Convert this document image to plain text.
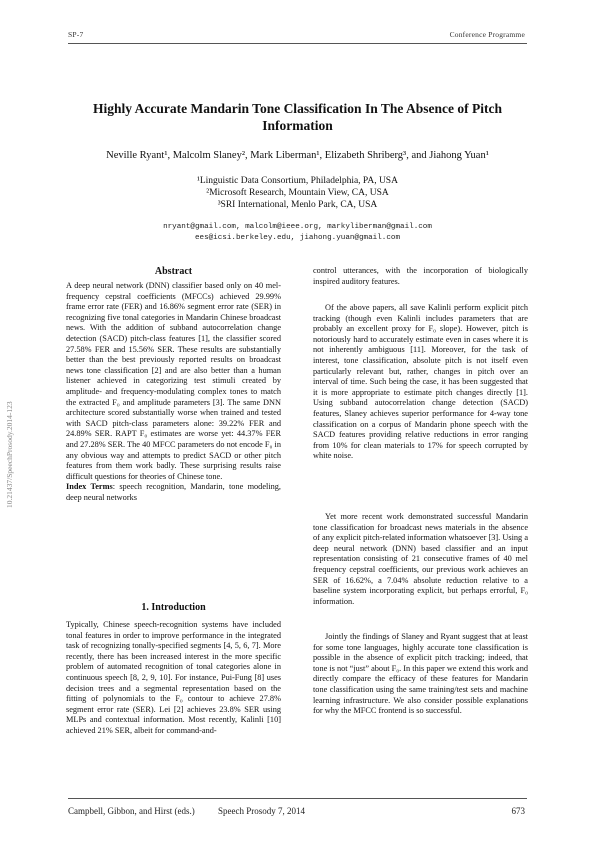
SP-7	Conference Programme
10.21437/SpeechProsody.2014-123
Highly Accurate Mandarin Tone Classification In The Absence of Pitch Information
Neville Ryant¹, Malcolm Slaney², Mark Liberman¹, Elizabeth Shriberg³, and Jiahong Yuan¹
¹Linguistic Data Consortium, Philadelphia, PA, USA
²Microsoft Research, Mountain View, CA, USA
³SRI International, Menlo Park, CA, USA
nryant@gmail.com, malcolm@ieee.org, markyliberman@gmail.com
ees@icsi.berkeley.edu, jiahong.yuan@gmail.com
Abstract

A deep neural network (DNN) classifier based only on 40 mel-frequency cepstral coefficients (MFCCs) achieved 29.99% frame error rate (FER) and 16.86% segment error rate (SER) in recognizing five tonal categories in Mandarin Chinese broadcast news. With the addition of subband autocorrelation change detection (SACD) pitch-class features [1], the classifier scored 27.58% FER and 15.56% SER. These results are substantially better than the best previously reported results on broadcast news tone classification [2] and are also better than a human listener achieved in categorizing test stimuli created by amplitude- and frequency-modulating complex tones to match the extracted F₀ and amplitude parameters [3]. The same DNN architecture scored substantially worse when trained and tested with SACD pitch-class parameters alone: 39.22% FER and 24.89% SER. RAPT F₀ estimates are worse yet: 44.37% FER and 27.28% SER. The 40 MFCC parameters do not encode F₀ in any obvious way and attempts to predict SACD or other pitch features from them work badly. These surprising results raise difficult questions for theories of Chinese tone.

Index Terms: speech recognition, Mandarin, tone modeling, deep neural networks

1. Introduction

Typically, Chinese speech-recognition systems have included tonal features in order to improve performance in the integrated task of recognizing tonally-specified segments [4, 5, 6, 7]. More recently, there has been increased interest in the more specific problem of automated recognition of tonal categories alone in continuous speech [8, 2, 9, 10]. For instance, Pui-Fung [8] uses decision trees and a segmental representation based on the fitting of polynomials to the F₀ contour to achieve 27.8% segment error rate (SER). Lei [2] achieves 23.8% SER using MLPs and contextual information. Most recently, Kalinli [10] achieved 21% SER, albeit for command-and-

control utterances, with the incorporation of biologically inspired auditory features.

Of the above papers, all save Kalinli perform explicit pitch tracking (though even Kalinli includes parameters that are probably an excellent proxy for F₀ slope). However, pitch is notoriously hard to accurately estimate even in cases where it is not inherently ambiguous [11]. Moreover, for the task of interest, tone classification, absolute pitch is not itself even particularly relevant but, rather, changes in pitch over an interval of time. Such being the case, it has been suggested that it is more appropriate to estimate pitch changes directly [1]. Using subband autocorrelation change detection (SACD) features, Slaney achieves superior performance for 4-way tone classification on a corpus of Mandarin phone speech with the SACD features providing relative reductions in error ranging from 10% for clean materials to 17% for speech corrupted by white noise.

Yet more recent work demonstrated successful Mandarin tone classification for broadcast news materials in the absence of any explicit pitch-related information whatsoever [3]. Using a deep neural network (DNN) based classifier and an input representation consisting of 21 consecutive frames of 40 mel frequency cepstral coefficients, our previous work achieves an SER of 16.62%, a 7.04% absolute reduction relative to a baseline system incorporating explicit, but perhaps errorful, F₀ information.

Jointly the findings of Slaney and Ryant suggest that at least for some tone languages, highly accurate tone classification is possible in the absence of explicit pitch tracking; indeed, that tone is not “just” about F₀. In this paper we extend this work and directly compare the efficacy of these features for Mandarin tone classification using the same training/test sets and machine learning infrastructure. We also consider possible explanations for why the MFCC frontend is so successful.

Campbell, Gibbon, and Hirst (eds.)	Speech Prosody 7, 2014	673
